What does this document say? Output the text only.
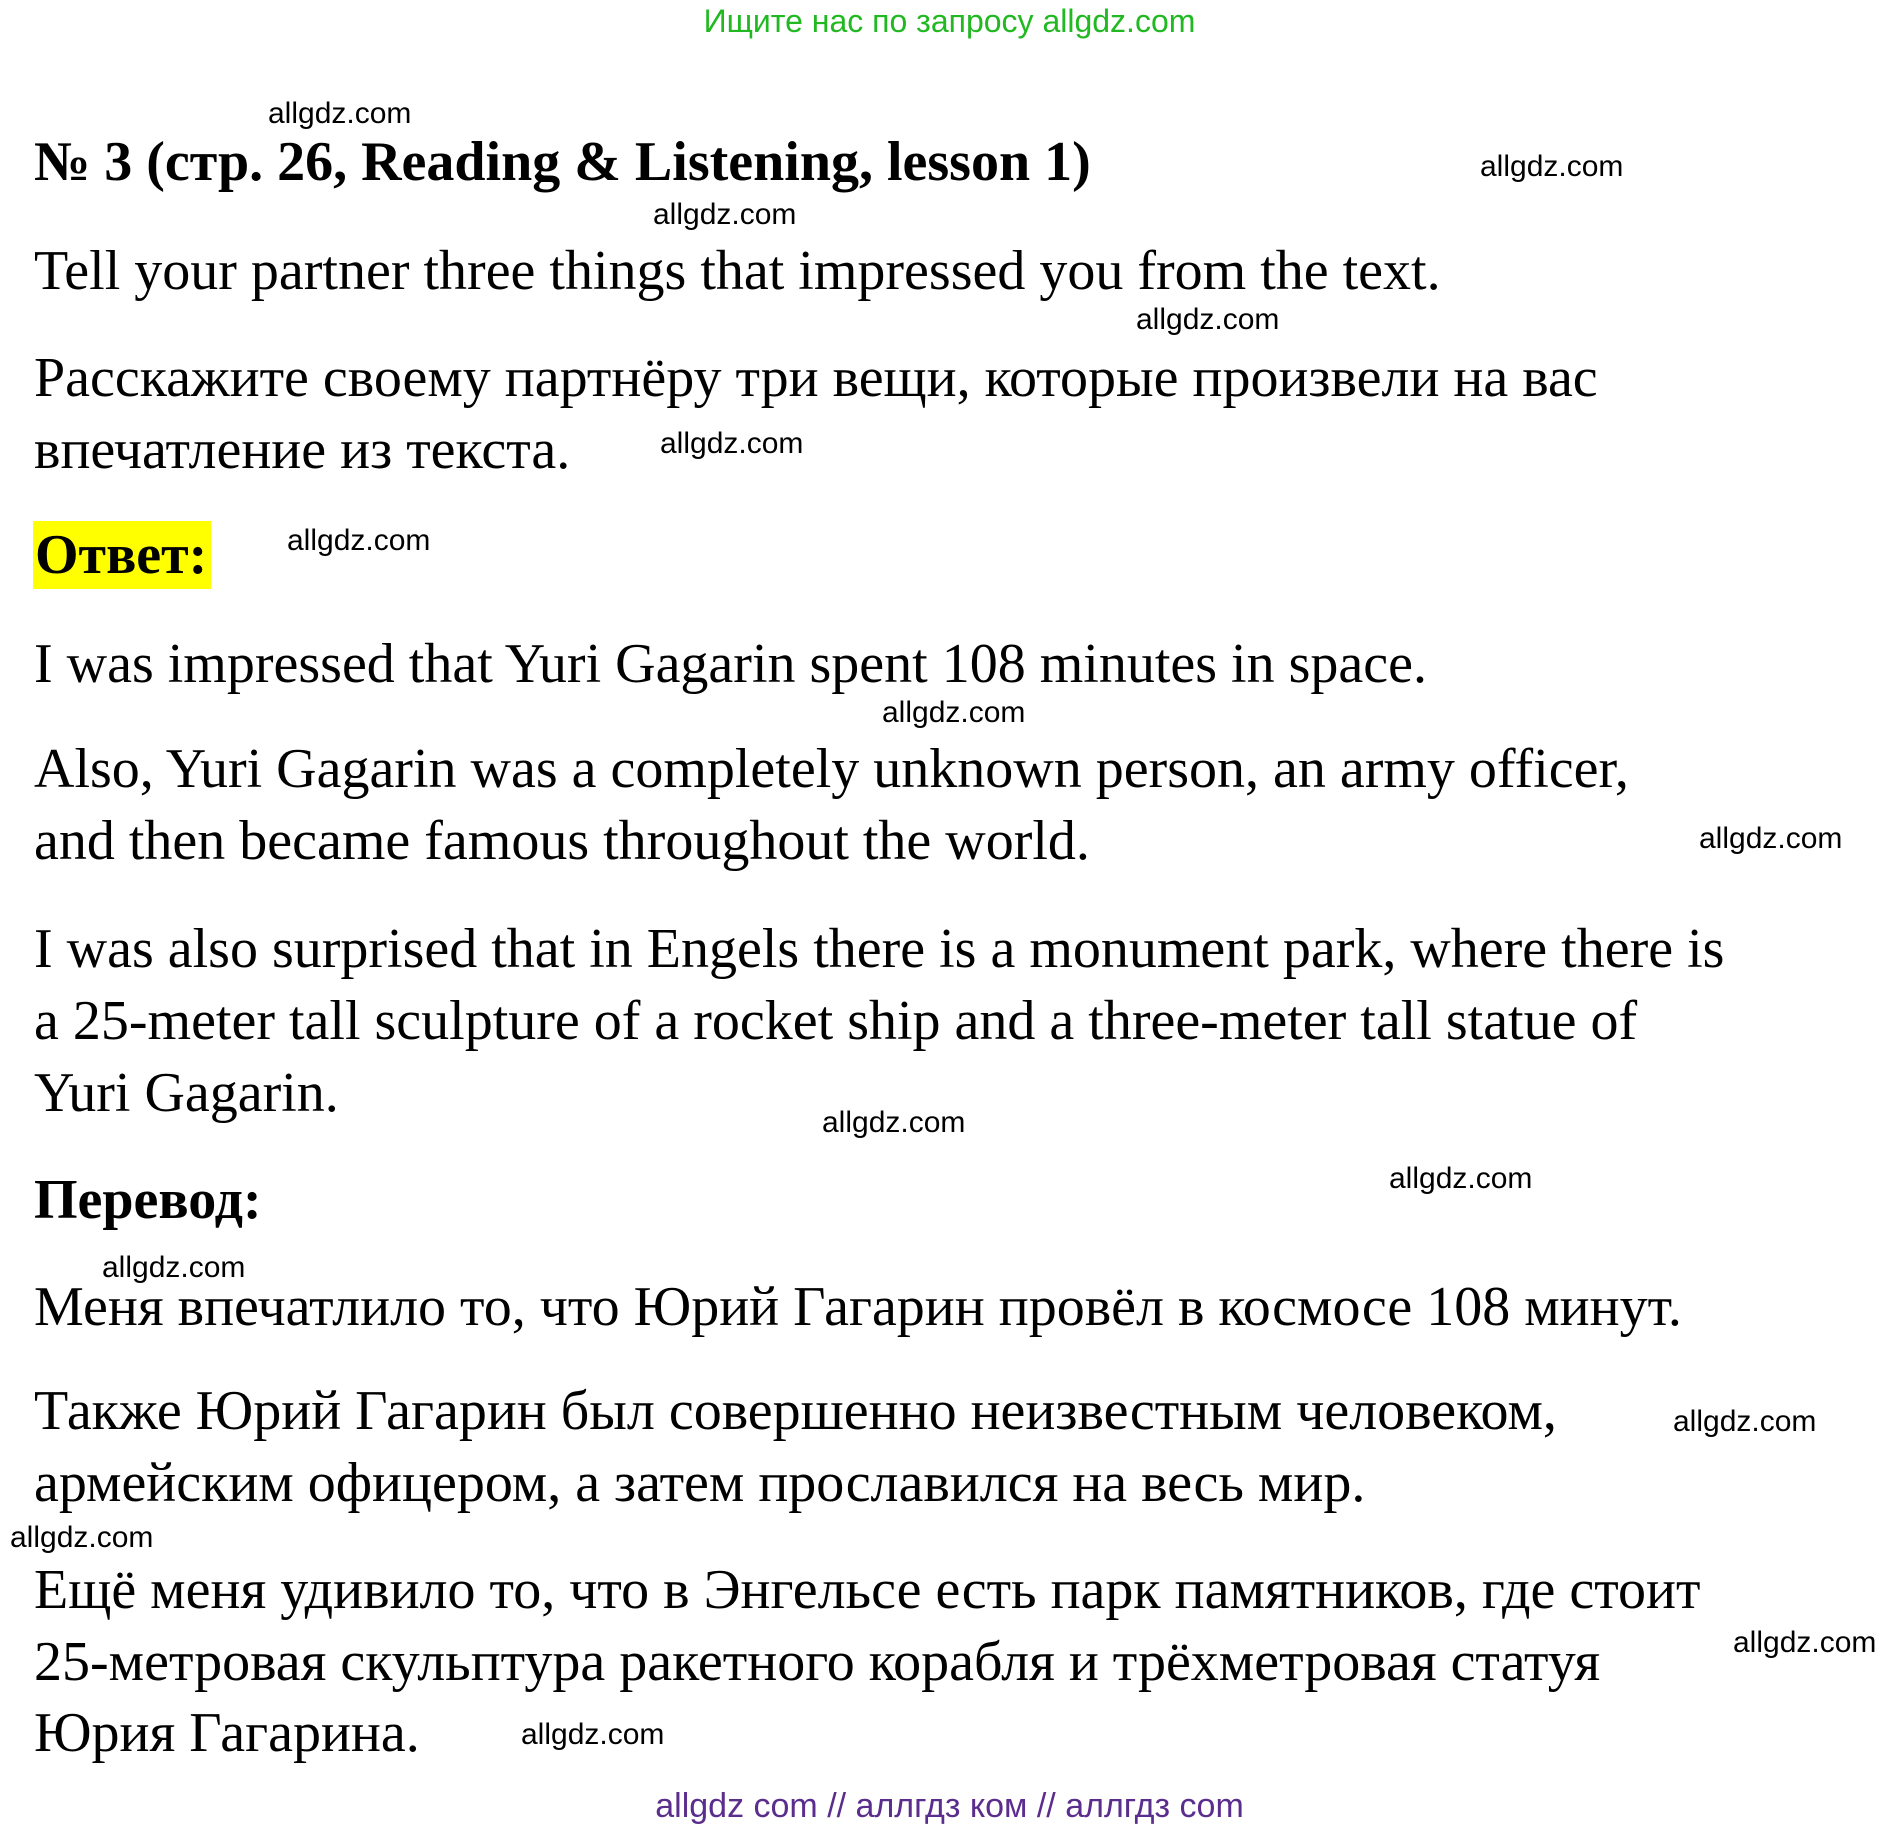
Ищите нас по запросу allgdz.com
allgdz.com
№ 3 (стр. 26, Reading & Listening, lesson 1)	allgdz.com
allgdz.com
Tell your partner three things that impressed you from the text.
allgdz.com
Расскажите своему партнёру три вещи, которые произвели на вас
впечатление из текста.	allgdz.com
Ответ:	allgdz.com
I was impressed that Yuri Gagarin spent 108 minutes in space.
allgdz.com
Also, Yuri Gagarin was a completely unknown person, an army officer,
and then became famous throughout the world.	allgdz.com
I was also surprised that in Engels there is a monument park, where there is
a 25-meter tall sculpture of a rocket ship and a three-meter tall statue of
Yuri Gagarin.	allgdz.com
Перевод:	allgdz.com
allgdz.com
Меня впечатлило то, что Юрий Гагарин провёл в космосе 108 минут.
Также Юрий Гагарин был совершенно неизвестным человеком,	allgdz.com
армейским офицером, а затем прославился на весь мир.
allgdz.com
Ещё меня удивило то, что в Энгельсе есть парк памятников, где стоит
allgdz.com
25-метровая скульптура ракетного корабля и трёхметровая статуя
Юрия Гагарина.	allgdz.com
allgdz com // аллгдз ком // аллгдз com
